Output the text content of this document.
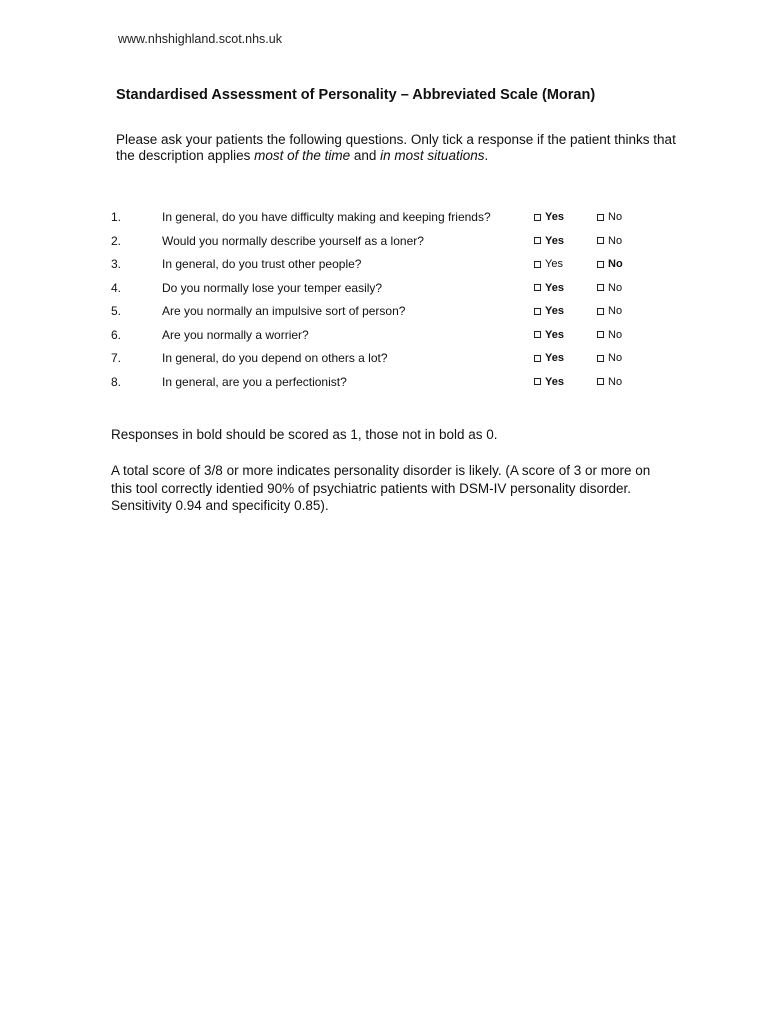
www.nhshighland.scot.nhs.uk
Standardised Assessment of Personality – Abbreviated Scale (Moran)

Please ask your patients the following questions. Only tick a response if the patient thinks that the description applies most of the time and in most situations.

1.	In general, do you have difficulty making and keeping friends?	Yes	No
2.	Would you normally describe yourself as a loner?	Yes	No
3.	In general, do you trust other people?	Yes	No
4.	Do you normally lose your temper easily?	Yes	No
5.	Are you normally an impulsive sort of person?	Yes	No
6.	Are you normally a worrier?	Yes	No
7.	In general, do you depend on others a lot?	Yes	No
8.	In general, are you a perfectionist?	Yes	No

Responses in bold should be scored as 1, those not in bold as 0.

A total score of 3/8 or more indicates personality disorder is likely. (A score of 3 or more on this tool correctly identied 90% of psychiatric patients with DSM-IV personality disorder. Sensitivity 0.94 and specificity 0.85).
